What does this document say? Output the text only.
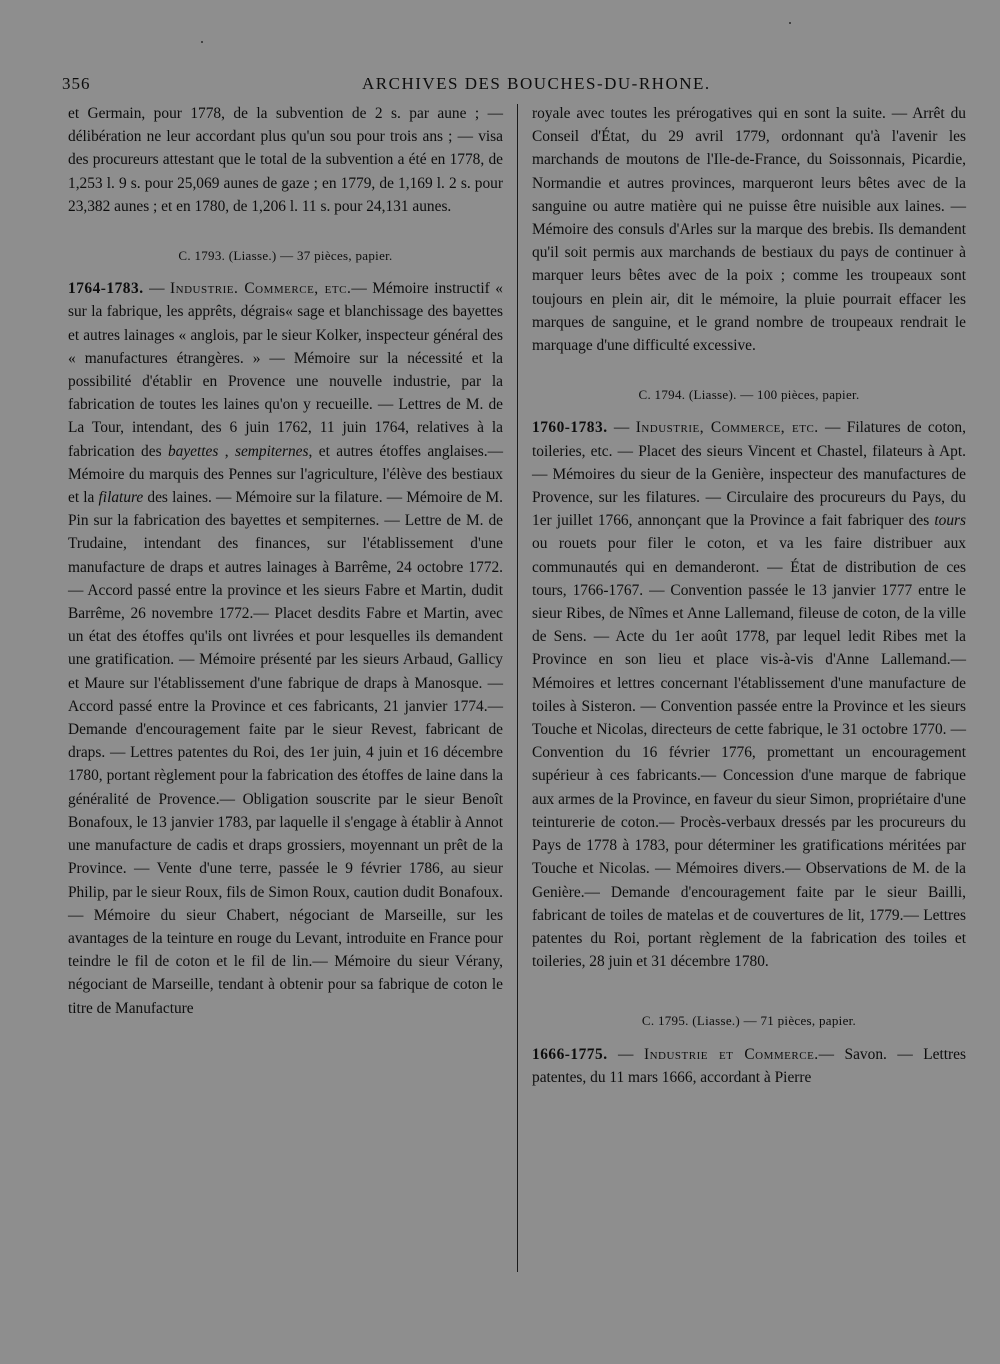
356	ARCHIVES DES BOUCHES-DU-RHONE.

et Germain, pour 1778, de la subvention de 2 s. par aune ; — délibération ne leur accordant plus qu'un sou pour trois ans ; — visa des procureurs attestant que le total de la subvention a été en 1778, de 1,253 l. 9 s. pour 25,069 aunes de gaze ; en 1779, de 1,169 l. 2 s. pour 23,382 aunes ; et en 1780, de 1,206 l. 11 s. pour 24,131 aunes.

C. 1793. (Liasse.) — 37 pièces, papier.

1764-1783. — Industrie. Commerce, etc.— Mémoire instructif « sur la fabrique, les apprêts, dégrais« sage et blanchissage des bayettes et autres lainages « anglois, par le sieur Kolker, inspecteur général des « manufactures étrangères. » — Mémoire sur la nécessité et la possibilité d'établir en Provence une nouvelle industrie, par la fabrication de toutes les laines qu'on y recueille. — Lettres de M. de La Tour, intendant, des 6 juin 1762, 11 juin 1764, relatives à la fabrication des bayettes , sempiternes, et autres étoffes anglaises.— Mémoire du marquis des Pennes sur l'agriculture, l'élève des bestiaux et la filature des laines. — Mémoire sur la filature. — Mémoire de M. Pin sur la fabrication des bayettes et sempiternes. — Lettre de M. de Trudaine, intendant des finances, sur l'établissement d'une manufacture de draps et autres lainages à Barrême, 24 octobre 1772.— Accord passé entre la province et les sieurs Fabre et Martin, dudit Barrême, 26 novembre 1772.— Placet desdits Fabre et Martin, avec un état des étoffes qu'ils ont livrées et pour lesquelles ils demandent une gratification. — Mémoire présenté par les sieurs Arbaud, Gallicy et Maure sur l'établissement d'une fabrique de draps à Manosque. — Accord passé entre la Province et ces fabricants, 21 janvier 1774.— Demande d'encouragement faite par le sieur Revest, fabricant de draps. — Lettres patentes du Roi, des 1er juin, 4 juin et 16 décembre 1780, portant règlement pour la fabrication des étoffes de laine dans la généralité de Provence.— Obligation souscrite par le sieur Benoît Bonafoux, le 13 janvier 1783, par laquelle il s'engage à établir à Annot une manufacture de cadis et draps grossiers, moyennant un prêt de la Province. — Vente d'une terre, passée le 9 février 1786, au sieur Philip, par le sieur Roux, fils de Simon Roux, caution dudit Bonafoux. — Mémoire du sieur Chabert, négociant de Marseille, sur les avantages de la teinture en rouge du Levant, introduite en France pour teindre le fil de coton et le fil de lin.— Mémoire du sieur Vérany, négociant de Marseille, tendant à obtenir pour sa fabrique de coton le titre de Manufacture

royale avec toutes les prérogatives qui en sont la suite. — Arrêt du Conseil d'État, du 29 avril 1779, ordonnant qu'à l'avenir les marchands de moutons de l'Ile-de-France, du Soissonnais, Picardie, Normandie et autres provinces, marqueront leurs bêtes avec de la sanguine ou autre matière qui ne puisse être nuisible aux laines. — Mémoire des consuls d'Arles sur la marque des brebis. Ils demandent qu'il soit permis aux marchands de bestiaux du pays de continuer à marquer leurs bêtes avec de la poix ; comme les troupeaux sont toujours en plein air, dit le mémoire, la pluie pourrait effacer les marques de sanguine, et le grand nombre de troupeaux rendrait le marquage d'une difficulté excessive.

C. 1794. (Liasse). — 100 pièces, papier.

1760-1783. — Industrie, Commerce, etc. — Filatures de coton, toileries, etc. — Placet des sieurs Vincent et Chastel, filateurs à Apt. — Mémoires du sieur de la Genière, inspecteur des manufactures de Provence, sur les filatures. — Circulaire des procureurs du Pays, du 1er juillet 1766, annonçant que la Province a fait fabriquer des tours ou rouets pour filer le coton, et va les faire distribuer aux communautés qui en demanderont. — État de distribution de ces tours, 1766-1767. — Convention passée le 13 janvier 1777 entre le sieur Ribes, de Nîmes et Anne Lallemand, fileuse de coton, de la ville de Sens. — Acte du 1er août 1778, par lequel ledit Ribes met la Province en son lieu et place vis-à-vis d'Anne Lallemand.— Mémoires et lettres concernant l'établissement d'une manufacture de toiles à Sisteron. — Convention passée entre la Province et les sieurs Touche et Nicolas, directeurs de cette fabrique, le 31 octobre 1770. — Convention du 16 février 1776, promettant un encouragement supérieur à ces fabricants.— Concession d'une marque de fabrique aux armes de la Province, en faveur du sieur Simon, propriétaire d'une teinturerie de coton.— Procès-verbaux dressés par les procureurs du Pays de 1778 à 1783, pour déterminer les gratifications méritées par Touche et Nicolas. — Mémoires divers.— Observations de M. de la Genière.— Demande d'encouragement faite par le sieur Bailli, fabricant de toiles de matelas et de couvertures de lit, 1779.— Lettres patentes du Roi, portant règlement de la fabrication des toiles et toileries, 28 juin et 31 décembre 1780.

C. 1795. (Liasse.) — 71 pièces, papier.

1666-1775. — Industrie et Commerce.— Savon. — Lettres patentes, du 11 mars 1666, accordant à Pierre
